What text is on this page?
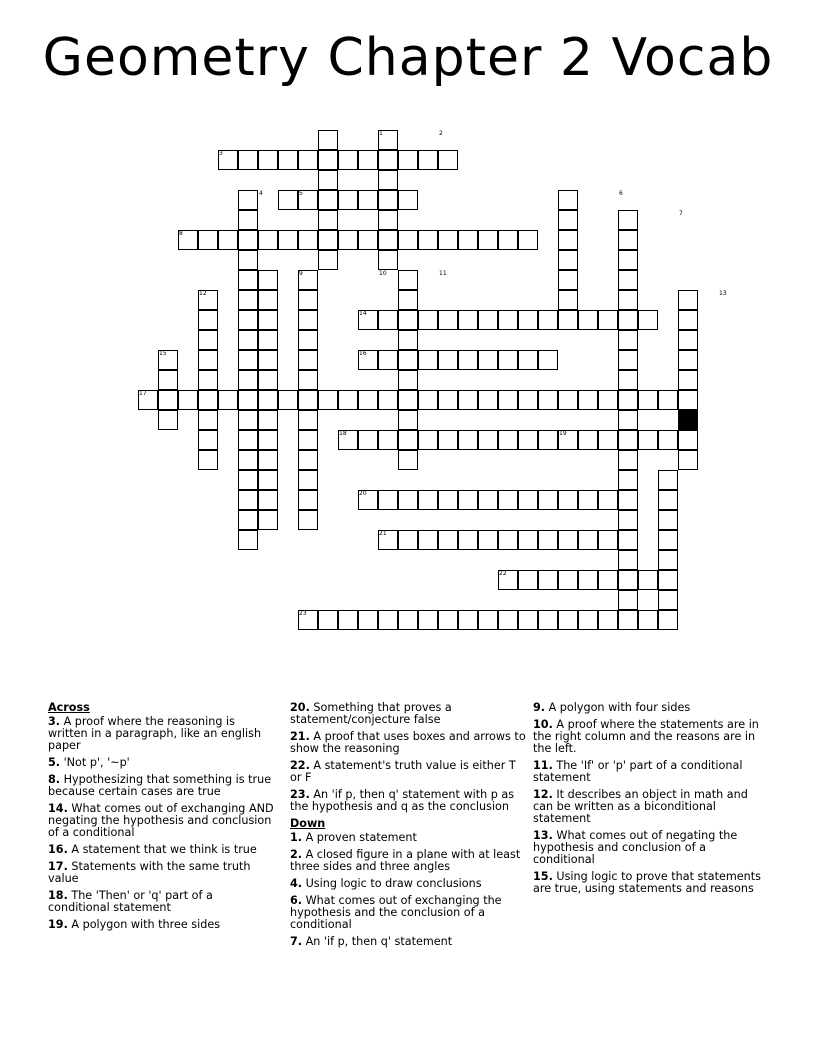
Geometry Chapter 2 Vocab
1	2
3
4	5	6
7
8
9	10	11
12	13
14
15	16
17
18	19
20
21
22
23
Across
3. A proof where the reasoning is written in a paragraph, like an english paper
5. 'Not p', '~p'
8. Hypothesizing that something is true because certain cases are true
14. What comes out of exchanging AND negating the hypothesis and conclusion of a conditional
16. A statement that we think is true
17. Statements with the same truth value
18. The 'Then' or 'q' part of a conditional statement
19. A polygon with three sides
20. Something that proves a statement/conjecture false
21. A proof that uses boxes and arrows to show the reasoning
22. A statement's truth value is either T or F
23. An 'if p, then q' statement with p as the hypothesis and q as the conclusion
Down
1. A proven statement
2. A closed figure in a plane with at least three sides and three angles
4. Using logic to draw conclusions
6. What comes out of exchanging the hypothesis and the conclusion of a conditional
7. An 'if p, then q' statement
9. A polygon with four sides
10. A proof where the statements are in the right column and the reasons are in the left.
11. The 'If' or 'p' part of a conditional statement
12. It describes an object in math and can be written as a biconditional statement
13. What comes out of negating the hypothesis and conclusion of a conditional
15. Using logic to prove that statements are true, using statements and reasons
